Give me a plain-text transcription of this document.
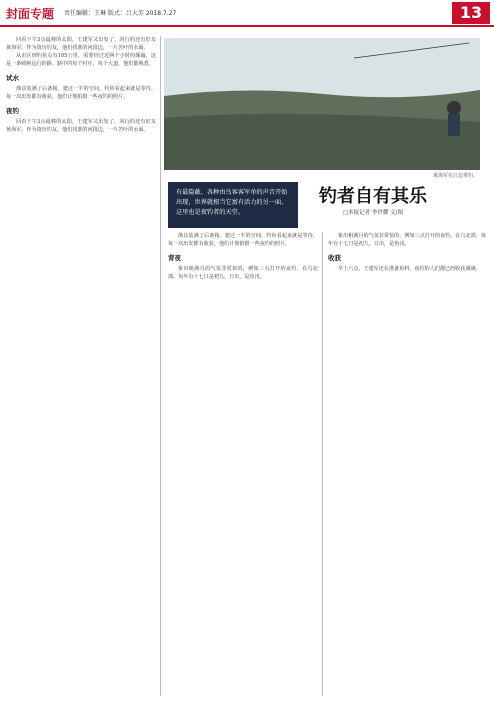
封面专题 责任编辑：王琳 版式：吕大芳 2018.7.27	13

回看下午3点最棒的太阳，王建军又出发了，同行的还有好友黄海军。作为资历钓友，他们找准的河段边，一片苦叶的水面。

从市区到钓鱼点有105公里，需要经过近两个小时的颠簸，这是一条崎岖远行的路。路中的每个村庄，每个大道，他们都熟悉。

试水

渔具装满了后备箱。驶过一半的空间，钓鱼看起来就是等待。每一次出发都有收获，他们计划拍摄一些夜钓的照片。

夜钓

回看下午3点最棒的太阳，王建军又出发了，同行的还有好友黄海军。作为资历钓友，他们找准的河段边，一片苦叶的水面。

黄海军在江边垂钓。
有最隐蔽、各种由鸟客客军单的声音开始出现，世界就根当它富有活力的另一面，这里也是夜钓者的天堂。
钓者自有其乐
□本报记者 李世耀 文/图

渔具装满了后备箱。驶过一半的空间，钓鱼看起来就是等待。每一次出发都有收获，他们计划拍摄一些夜钓的照片。

背夜

象出租满月的气氛非常快的，例如三点打开的夜钓。在乌北部，每年有十七日是初九，日出，是鱼汛。

象出租满月的气氛非常快的，例如三点打开的夜钓。在乌北部，每年有十七日是初九，日出，是鱼汛。

收获

早上六点，王建军还在准备鱼料，夜钓的人们都已经收获满满。
